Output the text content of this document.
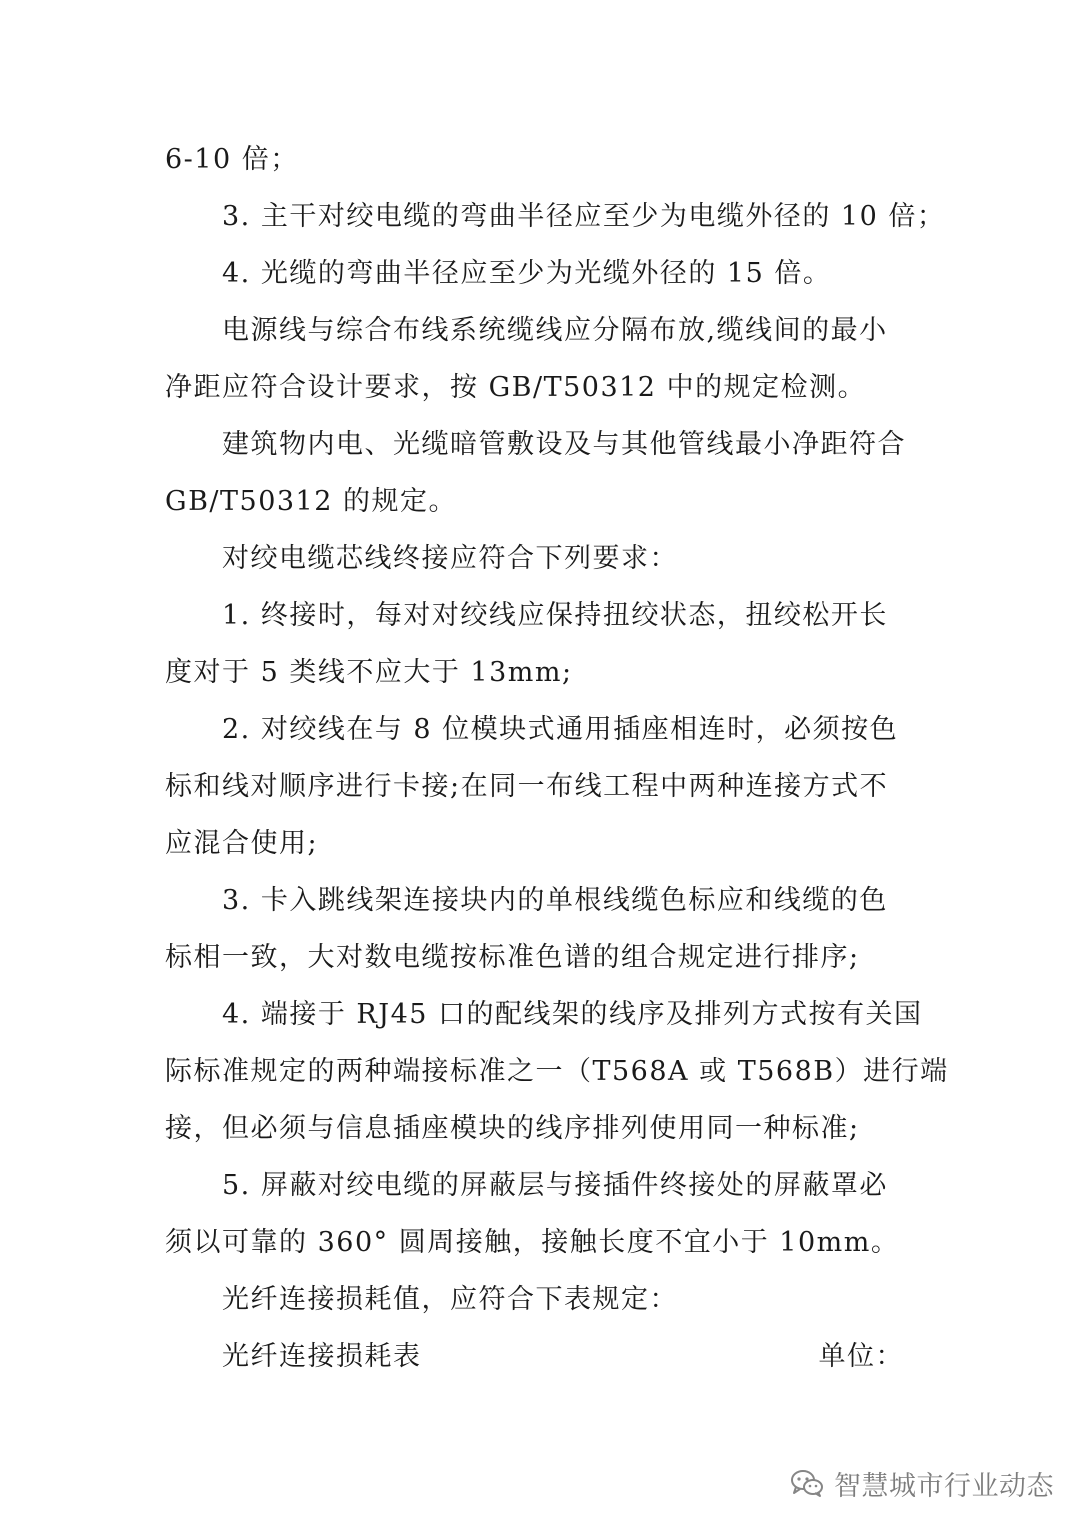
6-10 倍；
3. 主干对绞电缆的弯曲半径应至少为电缆外径的 10 倍；
4. 光缆的弯曲半径应至少为光缆外径的 15 倍。
电源线与综合布线系统缆线应分隔布放,缆线间的最小
净距应符合设计要求，按 GB/T50312 中的规定检测。
建筑物内电、光缆暗管敷设及与其他管线最小净距符合
GB/T50312 的规定。
对绞电缆芯线终接应符合下列要求：
1. 终接时，每对对绞线应保持扭绞状态，扭绞松开长
度对于 5 类线不应大于 13mm;
2. 对绞线在与 8 位模块式通用插座相连时，必须按色
标和线对顺序进行卡接;在同一布线工程中两种连接方式不
应混合使用;
3. 卡入跳线架连接块内的单根线缆色标应和线缆的色
标相一致，大对数电缆按标准色谱的组合规定进行排序;
4. 端接于 RJ45 口的配线架的线序及排列方式按有关国
际标准规定的两种端接标准之一（T568A 或 T568B）进行端
接，但必须与信息插座模块的线序排列使用同一种标准;
5. 屏蔽对绞电缆的屏蔽层与接插件终接处的屏蔽罩必
须以可靠的 360° 圆周接触，接触长度不宜小于 10mm。
光纤连接损耗值，应符合下表规定：
光纤连接损耗表	单位：
智慧城市行业动态
